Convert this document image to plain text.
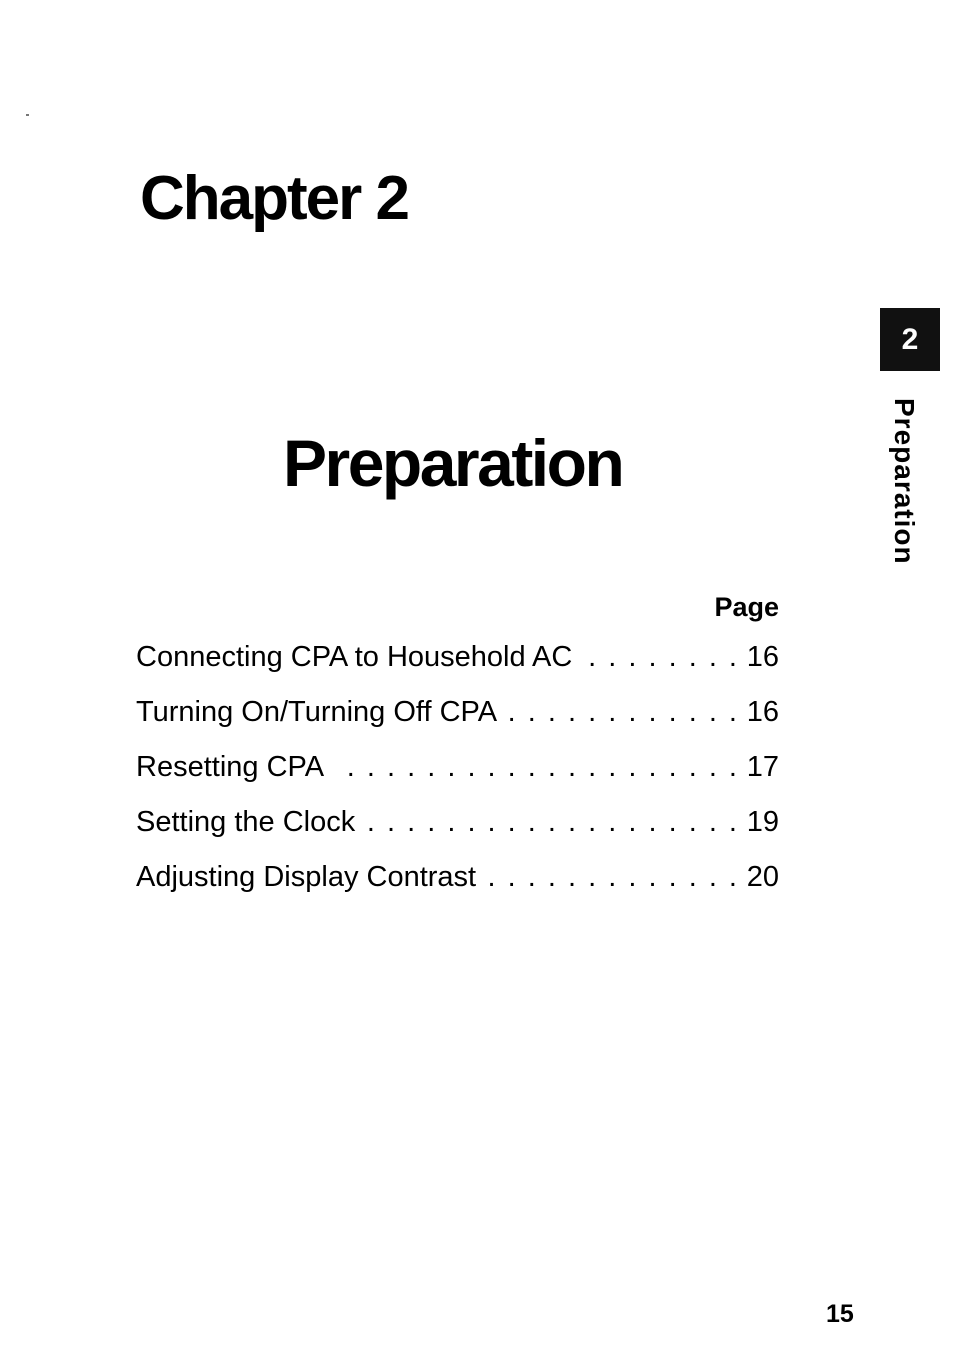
Chapter 2
Preparation
2
Preparation
Page
Connecting CPA to Household AC . . .	16
Turning On/Turning Off CPA . . .	16
Resetting CPA . . .	17
Setting the Clock . . .	19
Adjusting Display Contrast . . .	20
15
